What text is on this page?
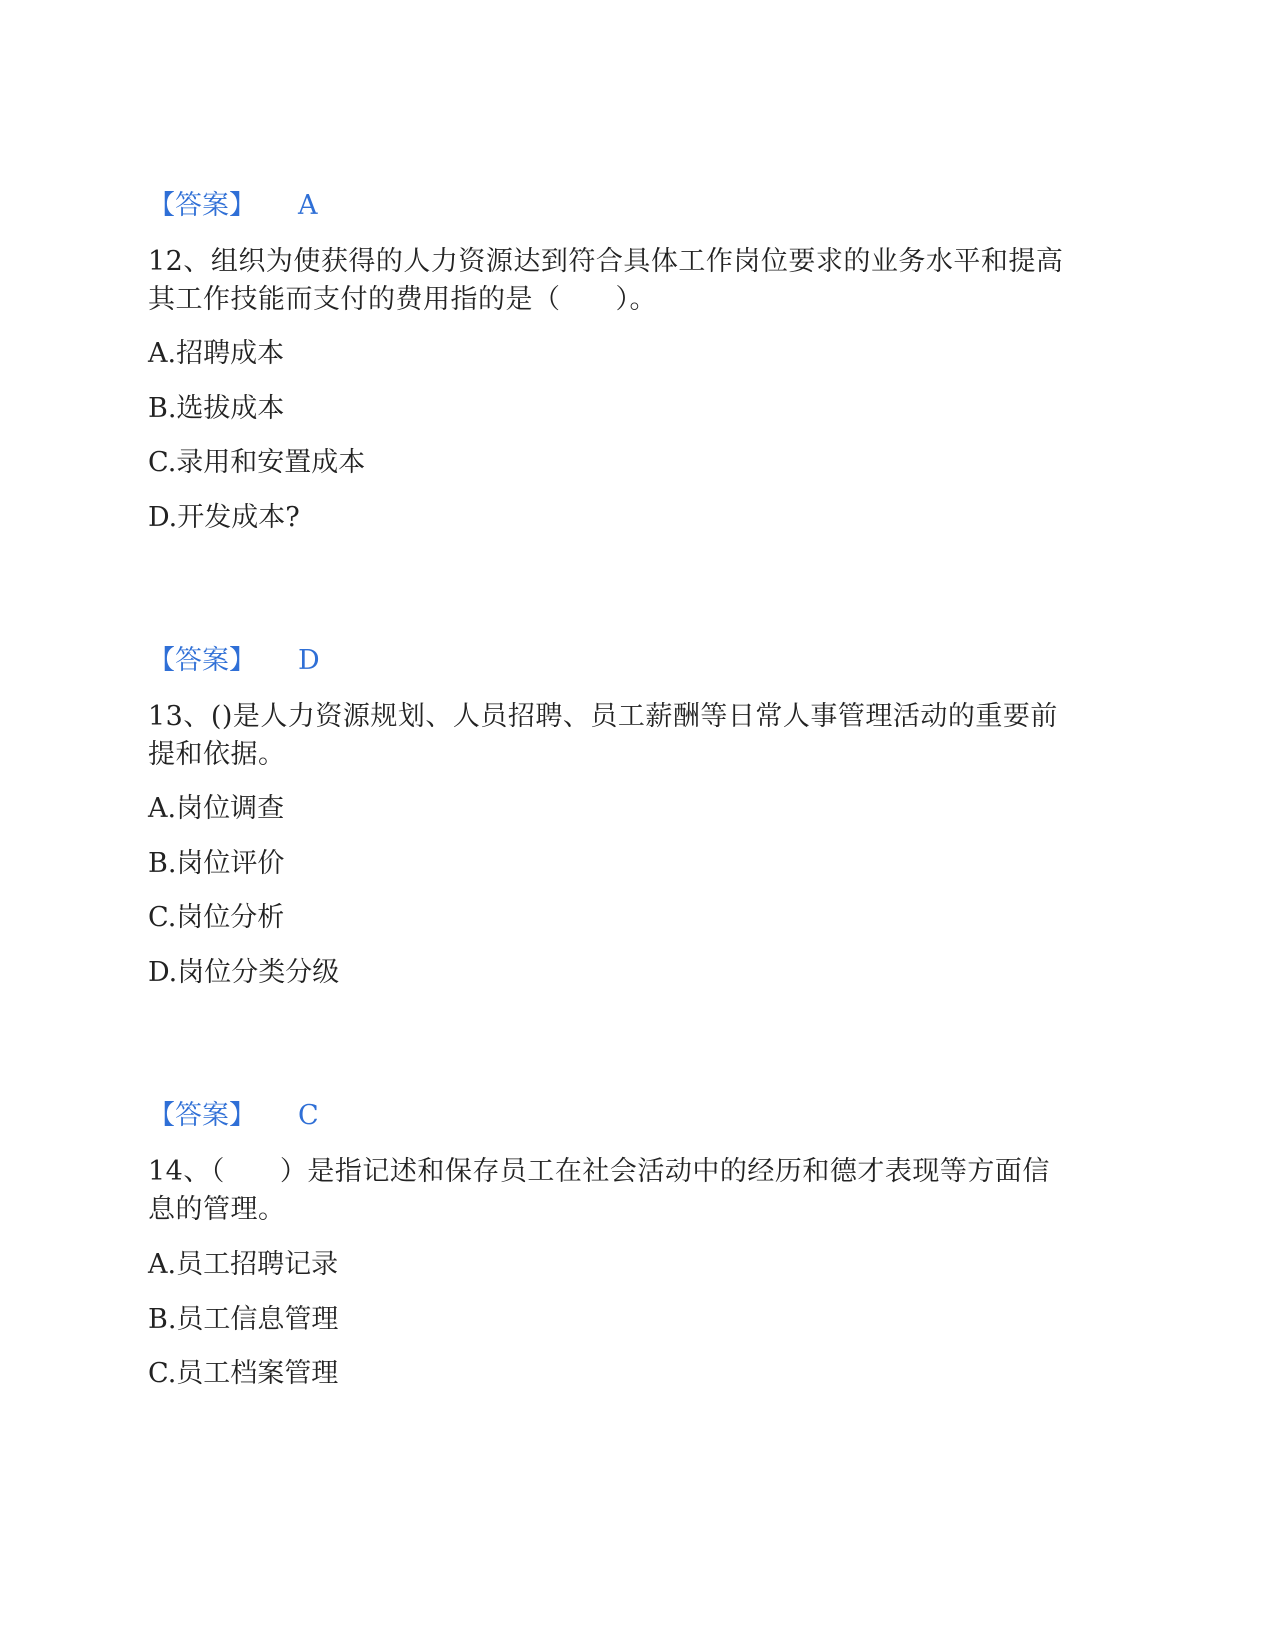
【答案】 A
12、组织为使获得的人力资源达到符合具体工作岗位要求的业务水平和提高
其工作技能而支付的费用指的是（　　）。
A.招聘成本
B.选拔成本
C.录用和安置成本
D.开发成本?
【答案】 D
13、()是人力资源规划、人员招聘、员工薪酬等日常人事管理活动的重要前
提和依据。
A.岗位调查
B.岗位评价
C.岗位分析
D.岗位分类分级
【答案】 C
14、（　　）是指记述和保存员工在社会活动中的经历和德才表现等方面信
息的管理。
A.员工招聘记录
B.员工信息管理
C.员工档案管理
